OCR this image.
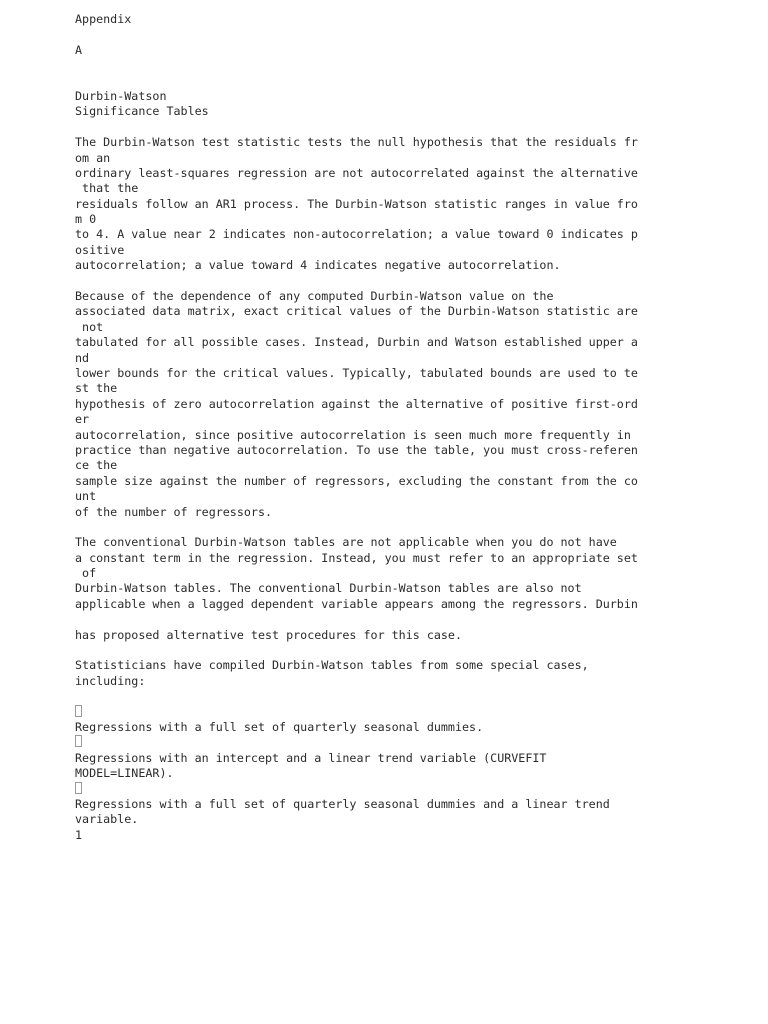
Appendix
A
Durbin-Watson
Significance Tables
The Durbin-Watson test statistic tests the null hypothesis that the residuals fr
om an
ordinary least-squares regression are not autocorrelated against the alternative
that the
residuals follow an AR1 process. The Durbin-Watson statistic ranges in value fro
m 0
to 4. A value near 2 indicates non-autocorrelation; a value toward 0 indicates p
ositive
autocorrelation; a value toward 4 indicates negative autocorrelation.
Because of the dependence of any computed Durbin-Watson value on the
associated data matrix, exact critical values of the Durbin-Watson statistic are
not
tabulated for all possible cases. Instead, Durbin and Watson established upper a
nd
lower bounds for the critical values. Typically, tabulated bounds are used to te
st the
hypothesis of zero autocorrelation against the alternative of positive first-ord
er
autocorrelation, since positive autocorrelation is seen much more frequently in
practice than negative autocorrelation. To use the table, you must cross-referen
ce the
sample size against the number of regressors, excluding the constant from the co
unt
of the number of regressors.
The conventional Durbin-Watson tables are not applicable when you do not have
a constant term in the regression. Instead, you must refer to an appropriate set
of
Durbin-Watson tables. The conventional Durbin-Watson tables are also not
applicable when a lagged dependent variable appears among the regressors. Durbin
has proposed alternative test procedures for this case.
Statisticians have compiled Durbin-Watson tables from some special cases,
including:
Regressions with a full set of quarterly seasonal dummies.
Regressions with an intercept and a linear trend variable (CURVEFIT
MODEL=LINEAR).
Regressions with a full set of quarterly seasonal dummies and a linear trend
variable.
1
